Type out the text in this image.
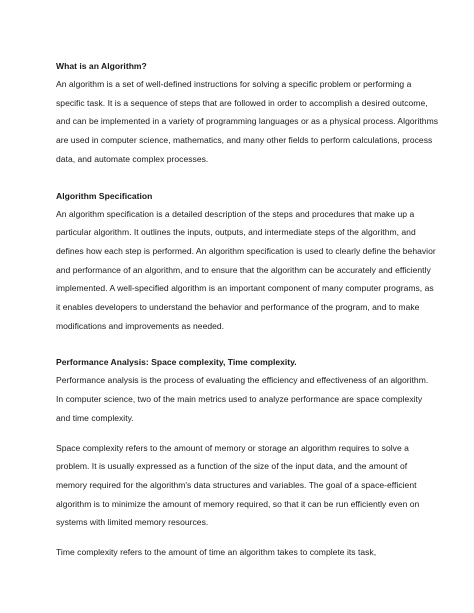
What is an Algorithm?

An algorithm is a set of well-defined instructions for solving a specific problem or performing a
specific task. It is a sequence of steps that are followed in order to accomplish a desired outcome,
and can be implemented in a variety of programming languages or as a physical process. Algorithms
are used in computer science, mathematics, and many other fields to perform calculations, process
data, and automate complex processes.

Algorithm Specification

An algorithm specification is a detailed description of the steps and procedures that make up a
particular algorithm. It outlines the inputs, outputs, and intermediate steps of the algorithm, and
defines how each step is performed. An algorithm specification is used to clearly define the behavior
and performance of an algorithm, and to ensure that the algorithm can be accurately and efficiently
implemented. A well-specified algorithm is an important component of many computer programs, as
it enables developers to understand the behavior and performance of the program, and to make
modifications and improvements as needed.

Performance Analysis: Space complexity, Time complexity.

Performance analysis is the process of evaluating the efficiency and effectiveness of an algorithm.
In computer science, two of the main metrics used to analyze performance are space complexity
and time complexity.

Space complexity refers to the amount of memory or storage an algorithm requires to solve a
problem. It is usually expressed as a function of the size of the input data, and the amount of
memory required for the algorithm's data structures and variables. The goal of a space-efficient
algorithm is to minimize the amount of memory required, so that it can be run efficiently even on
systems with limited memory resources.

Time complexity refers to the amount of time an algorithm takes to complete its task,
